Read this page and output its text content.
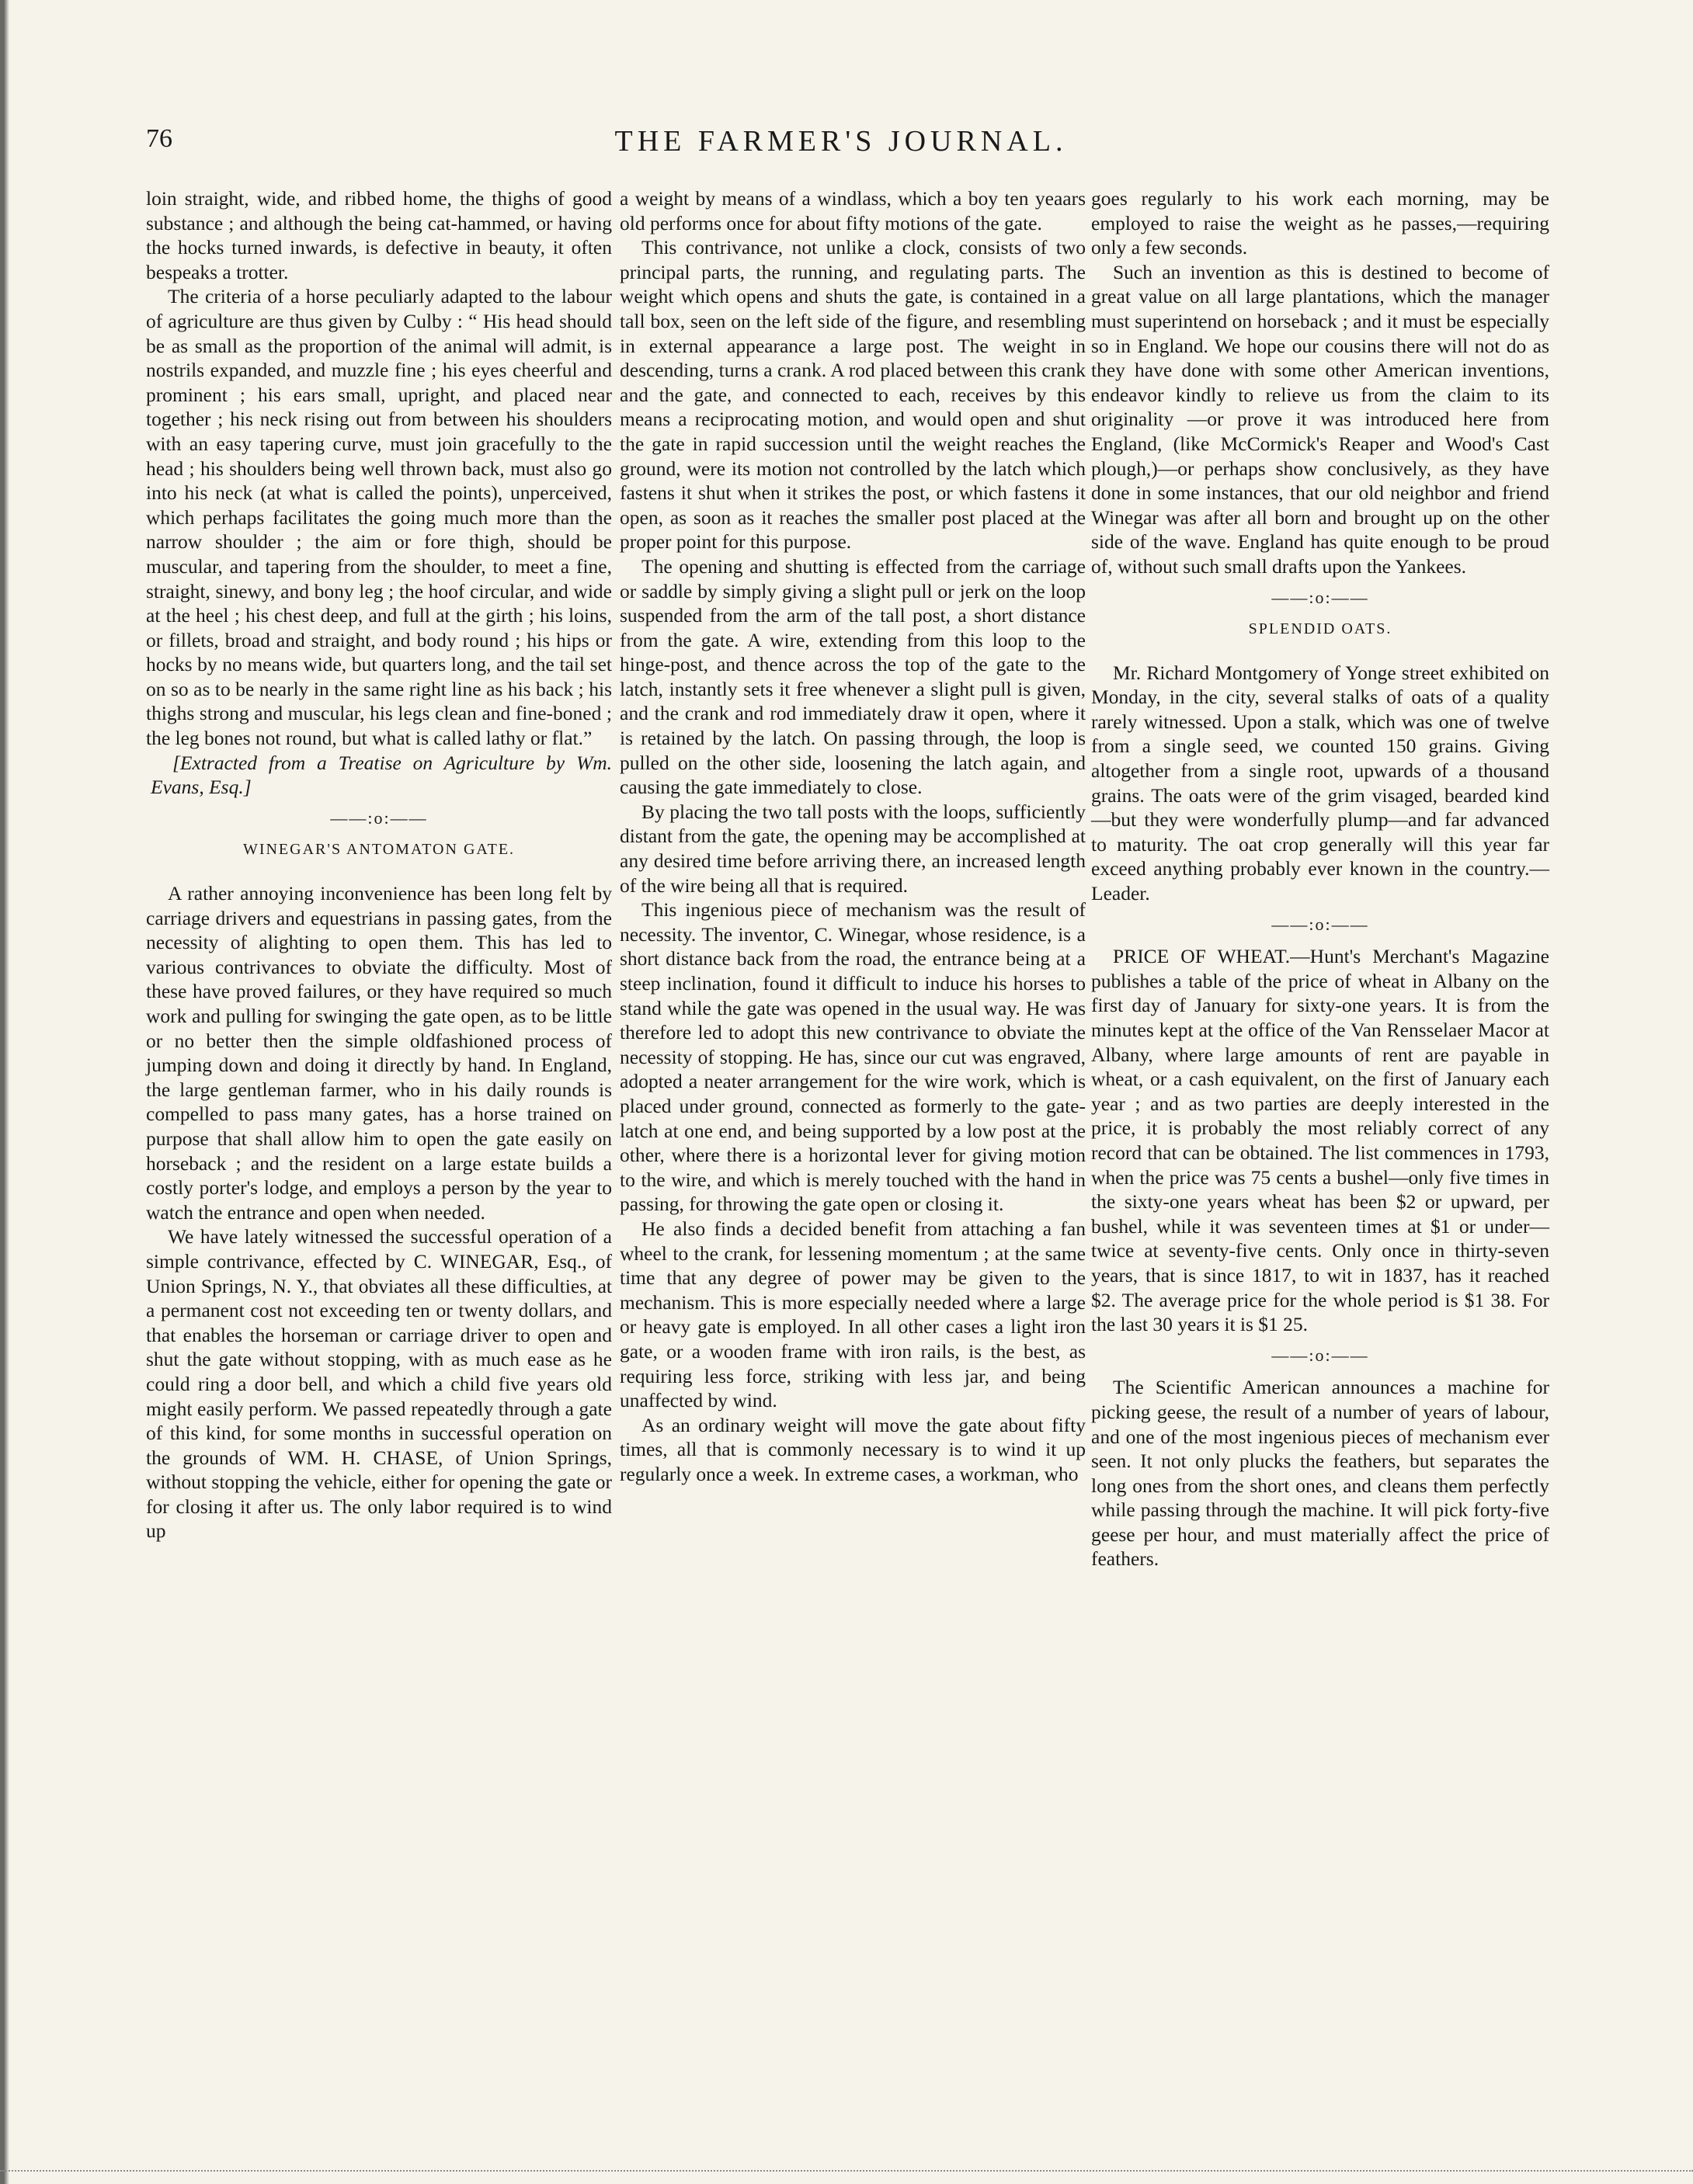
76	THE FARMER'S JOURNAL.

loin straight, wide, and ribbed home, the thighs of good substance ; and although the being cat-hammed, or having the hocks turned inwards, is defective in beauty, it often bespeaks a trotter.

The criteria of a horse peculiarly adapted to the labour of agriculture are thus given by Culby : “ His head should be as small as the proportion of the animal will admit, is nostrils expanded, and muzzle fine ; his eyes cheerful and prominent ; his ears small, upright, and placed near together ; his neck rising out from between his shoulders with an easy tapering curve, must join gracefully to the head ; his shoulders being well thrown back, must also go into his neck (at what is called the points), unperceived, which perhaps facilitates the going much more than the narrow shoulder ; the aim or fore thigh, should be muscular, and tapering from the shoulder, to meet a fine, straight, sinewy, and bony leg ; the hoof circular, and wide at the heel ; his chest deep, and full at the girth ; his loins, or fillets, broad and straight, and body round ; his hips or hocks by no means wide, but quarters long, and the tail set on so as to be nearly in the same right line as his back ; his thighs strong and muscular, his legs clean and fine-boned ; the leg bones not round, but what is called lathy or flat.”

[Extracted from a Treatise on Agriculture by Wm. Evans, Esq.]

——:o:——
WINEGAR'S ANTOMATON GATE.

A rather annoying inconvenience has been long felt by carriage drivers and equestrians in passing gates, from the necessity of alighting to open them. This has led to various contrivances to obviate the difficulty. Most of these have proved failures, or they have required so much work and pulling for swinging the gate open, as to be little or no better then the simple oldfashioned process of jumping down and doing it directly by hand. In England, the large gentleman farmer, who in his daily rounds is compelled to pass many gates, has a horse trained on purpose that shall allow him to open the gate easily on horseback ; and the resident on a large estate builds a costly porter's lodge, and employs a person by the year to watch the entrance and open when needed.

We have lately witnessed the successful operation of a simple contrivance, effected by C. WINEGAR, Esq., of Union Springs, N. Y., that obviates all these difficulties, at a permanent cost not exceeding ten or twenty dollars, and that enables the horseman or carriage driver to open and shut the gate without stopping, with as much ease as he could ring a door bell, and which a child five years old might easily perform. We passed repeatedly through a gate of this kind, for some months in successful operation on the grounds of WM. H. CHASE, of Union Springs, without stopping the vehicle, either for opening the gate or for closing it after us. The only labor required is to wind up

a weight by means of a windlass, which a boy ten yeaars old performs once for about fifty motions of the gate.

This contrivance, not unlike a clock, consists of two principal parts, the running, and regulating parts. The weight which opens and shuts the gate, is contained in a tall box, seen on the left side of the figure, and resembling in external appearance a large post. The weight in descending, turns a crank. A rod placed between this crank and the gate, and connected to each, receives by this means a reciprocating motion, and would open and shut the gate in rapid succession until the weight reaches the ground, were its motion not controlled by the latch which fastens it shut when it strikes the post, or which fastens it open, as soon as it reaches the smaller post placed at the proper point for this purpose.

The opening and shutting is effected from the carriage or saddle by simply giving a slight pull or jerk on the loop suspended from the arm of the tall post, a short distance from the gate. A wire, extending from this loop to the hinge-post, and thence across the top of the gate to the latch, instantly sets it free whenever a slight pull is given, and the crank and rod immediately draw it open, where it is retained by the latch. On passing through, the loop is pulled on the other side, loosening the latch again, and causing the gate immediately to close.

By placing the two tall posts with the loops, sufficiently distant from the gate, the opening may be accomplished at any desired time before arriving there, an increased length of the wire being all that is required.

This ingenious piece of mechanism was the result of necessity. The inventor, C. Winegar, whose residence, is a short distance back from the road, the entrance being at a steep inclination, found it difficult to induce his horses to stand while the gate was opened in the usual way. He was therefore led to adopt this new contrivance to obviate the necessity of stopping. He has, since our cut was engraved, adopted a neater arrangement for the wire work, which is placed under ground, connected as formerly to the gate-latch at one end, and being supported by a low post at the other, where there is a horizontal lever for giving motion to the wire, and which is merely touched with the hand in passing, for throwing the gate open or closing it.

He also finds a decided benefit from attaching a fan wheel to the crank, for lessening momentum ; at the same time that any degree of power may be given to the mechanism. This is more especially needed where a large or heavy gate is employed. In all other cases a light iron gate, or a wooden frame with iron rails, is the best, as requiring less force, striking with less jar, and being unaffected by wind.

As an ordinary weight will move the gate about fifty times, all that is commonly necessary is to wind it up regularly once a week. In extreme cases, a workman, who

goes regularly to his work each morning, may be employed to raise the weight as he passes,—requiring only a few seconds.

Such an invention as this is destined to become of great value on all large plantations, which the manager must superintend on horseback ; and it must be especially so in England. We hope our cousins there will not do as they have done with some other American inventions, endeavor kindly to relieve us from the claim to its originality —or prove it was introduced here from England, (like McCormick's Reaper and Wood's Cast plough,)—or perhaps show conclusively, as they have done in some instances, that our old neighbor and friend Winegar was after all born and brought up on the other side of the wave. England has quite enough to be proud of, without such small drafts upon the Yankees.

——:o:——
SPLENDID OATS.

Mr. Richard Montgomery of Yonge street exhibited on Monday, in the city, several stalks of oats of a quality rarely witnessed. Upon a stalk, which was one of twelve from a single seed, we counted 150 grains. Giving altogether from a single root, upwards of a thousand grains. The oats were of the grim visaged, bearded kind—but they were wonderfully plump—and far advanced to maturity. The oat crop generally will this year far exceed anything probably ever known in the country.—Leader.

——:o:——

PRICE OF WHEAT.—Hunt's Merchant's Magazine publishes a table of the price of wheat in Albany on the first day of January for sixty-one years. It is from the minutes kept at the office of the Van Rensselaer Macor at Albany, where large amounts of rent are payable in wheat, or a cash equivalent, on the first of January each year ; and as two parties are deeply interested in the price, it is probably the most reliably correct of any record that can be obtained. The list commences in 1793, when the price was 75 cents a bushel—only five times in the sixty-one years wheat has been $2 or upward, per bushel, while it was seventeen times at $1 or under—twice at seventy-five cents. Only once in thirty-seven years, that is since 1817, to wit in 1837, has it reached $2. The average price for the whole period is $1 38. For the last 30 years it is $1 25.

——:o:——

The Scientific American announces a machine for picking geese, the result of a number of years of labour, and one of the most ingenious pieces of mechanism ever seen. It not only plucks the feathers, but separates the long ones from the short ones, and cleans them perfectly while passing through the machine. It will pick forty-five geese per hour, and must materially affect the price of feathers.
